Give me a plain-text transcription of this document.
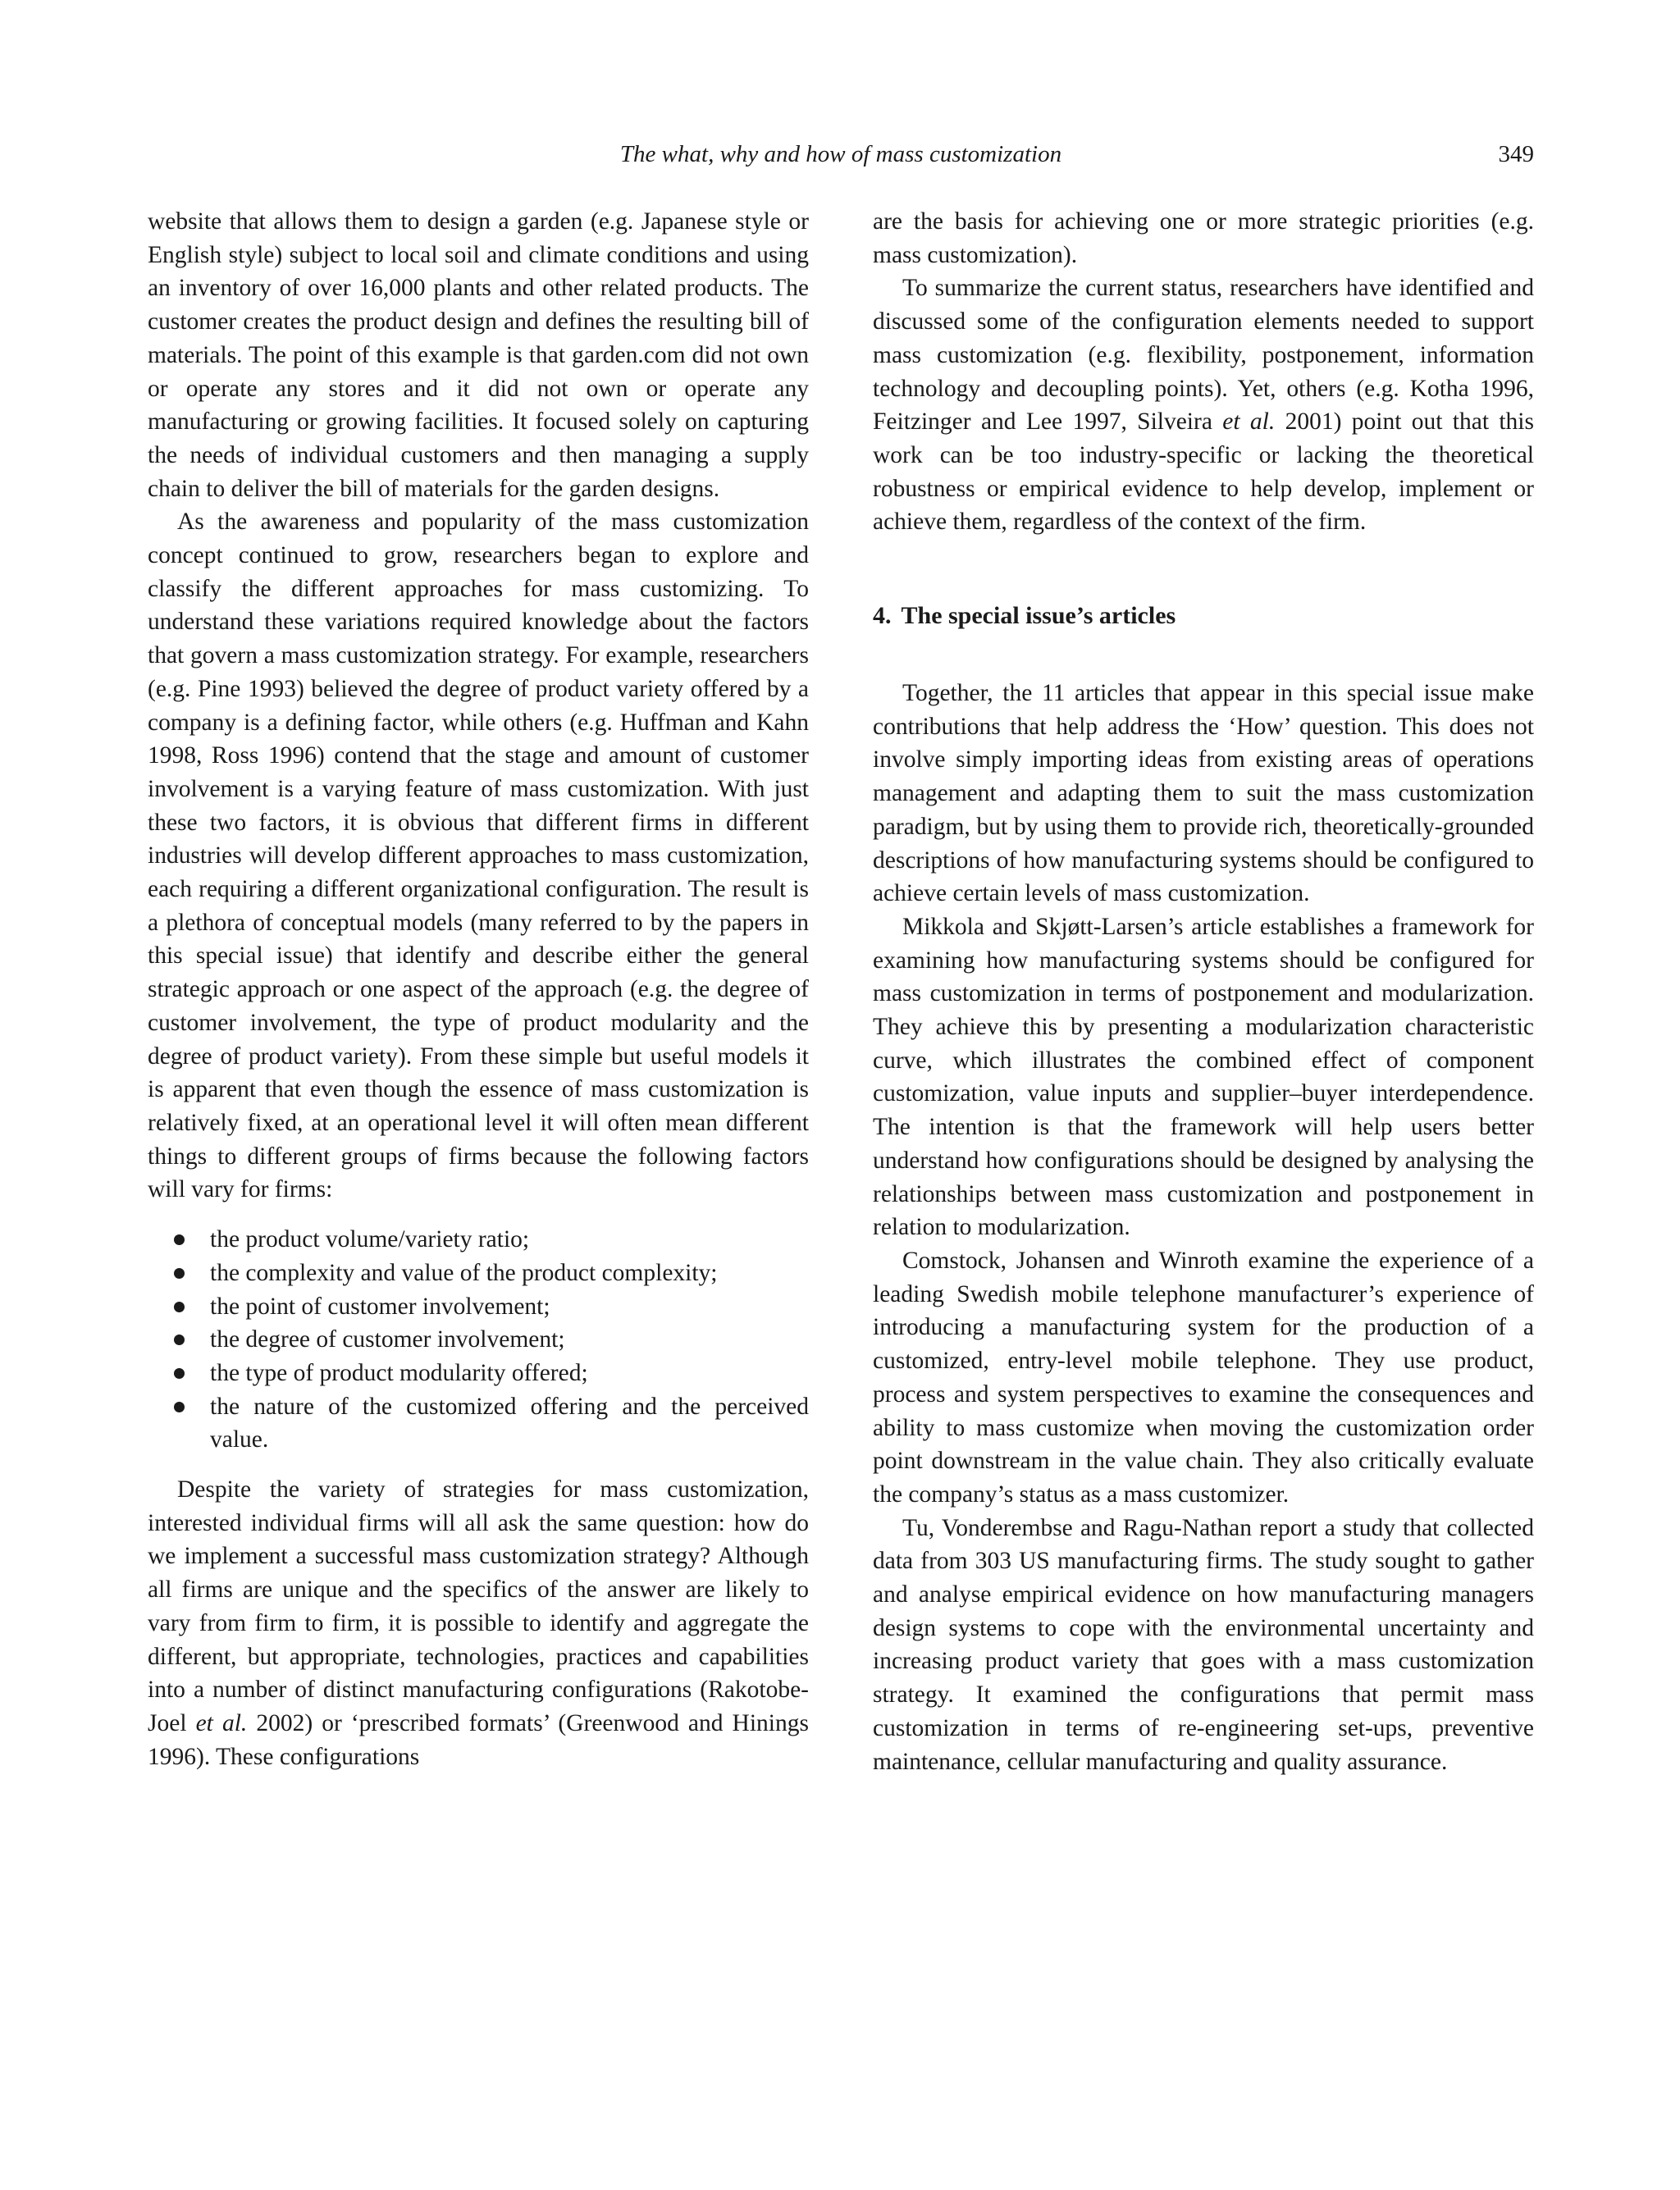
The what, why and how of mass customization	349

website that allows them to design a garden (e.g. Japanese style or English style) subject to local soil and climate conditions and using an inventory of over 16,000 plants and other related products. The customer creates the product design and defines the resulting bill of materials. The point of this example is that garden.com did not own or operate any stores and it did not own or operate any manufacturing or growing facilities. It focused solely on capturing the needs of individual customers and then managing a supply chain to deliver the bill of materials for the garden designs.

As the awareness and popularity of the mass customization concept continued to grow, researchers began to explore and classify the different approaches for mass customizing. To understand these variations required knowledge about the factors that govern a mass customization strategy. For example, researchers (e.g. Pine 1993) believed the degree of product variety offered by a company is a defining factor, while others (e.g. Huffman and Kahn 1998, Ross 1996) contend that the stage and amount of customer involvement is a varying feature of mass customization. With just these two factors, it is obvious that different firms in different industries will develop different approaches to mass customization, each requiring a different organizational configuration. The result is a plethora of conceptual models (many referred to by the papers in this special issue) that identify and describe either the general strategic approach or one aspect of the approach (e.g. the degree of customer involvement, the type of product modularity and the degree of product variety). From these simple but useful models it is apparent that even though the essence of mass customization is relatively fixed, at an operational level it will often mean different things to different groups of firms because the following factors will vary for firms:

the product volume/variety ratio;
the complexity and value of the product complexity;
the point of customer involvement;
the degree of customer involvement;
the type of product modularity offered;
the nature of the customized offering and the perceived value.

Despite the variety of strategies for mass customization, interested individual firms will all ask the same question: how do we implement a successful mass customization strategy? Although all firms are unique and the specifics of the answer are likely to vary from firm to firm, it is possible to identify and aggregate the different, but appropriate, technologies, practices and capabilities into a number of distinct manufacturing configurations (Rakotobe-Joel et al. 2002) or ‘prescribed formats’ (Greenwood and Hinings 1996). These configurations

are the basis for achieving one or more strategic priorities (e.g. mass customization).

To summarize the current status, researchers have identified and discussed some of the configuration elements needed to support mass customization (e.g. flexibility, postponement, information technology and decoupling points). Yet, others (e.g. Kotha 1996, Feitzinger and Lee 1997, Silveira et al. 2001) point out that this work can be too industry-specific or lacking the theoretical robustness or empirical evidence to help develop, implement or achieve them, regardless of the context of the firm.

4. The special issue’s articles

Together, the 11 articles that appear in this special issue make contributions that help address the ‘How’ question. This does not involve simply importing ideas from existing areas of operations management and adapting them to suit the mass customization paradigm, but by using them to provide rich, theoretically-grounded descriptions of how manufacturing systems should be configured to achieve certain levels of mass customization.

Mikkola and Skjøtt-Larsen’s article establishes a framework for examining how manufacturing systems should be configured for mass customization in terms of postponement and modularization. They achieve this by presenting a modularization characteristic curve, which illustrates the combined effect of component customization, value inputs and supplier–buyer interdependence. The intention is that the framework will help users better understand how configurations should be designed by analysing the relationships between mass customization and postponement in relation to modularization.

Comstock, Johansen and Winroth examine the experience of a leading Swedish mobile telephone manufacturer’s experience of introducing a manufacturing system for the production of a customized, entry-level mobile telephone. They use product, process and system perspectives to examine the consequences and ability to mass customize when moving the customization order point downstream in the value chain. They also critically evaluate the company’s status as a mass customizer.

Tu, Vonderembse and Ragu-Nathan report a study that collected data from 303 US manufacturing firms. The study sought to gather and analyse empirical evidence on how manufacturing managers design systems to cope with the environmental uncertainty and increasing product variety that goes with a mass customization strategy. It examined the configurations that permit mass customization in terms of re-engineering set-ups, preventive maintenance, cellular manufacturing and quality assurance.
